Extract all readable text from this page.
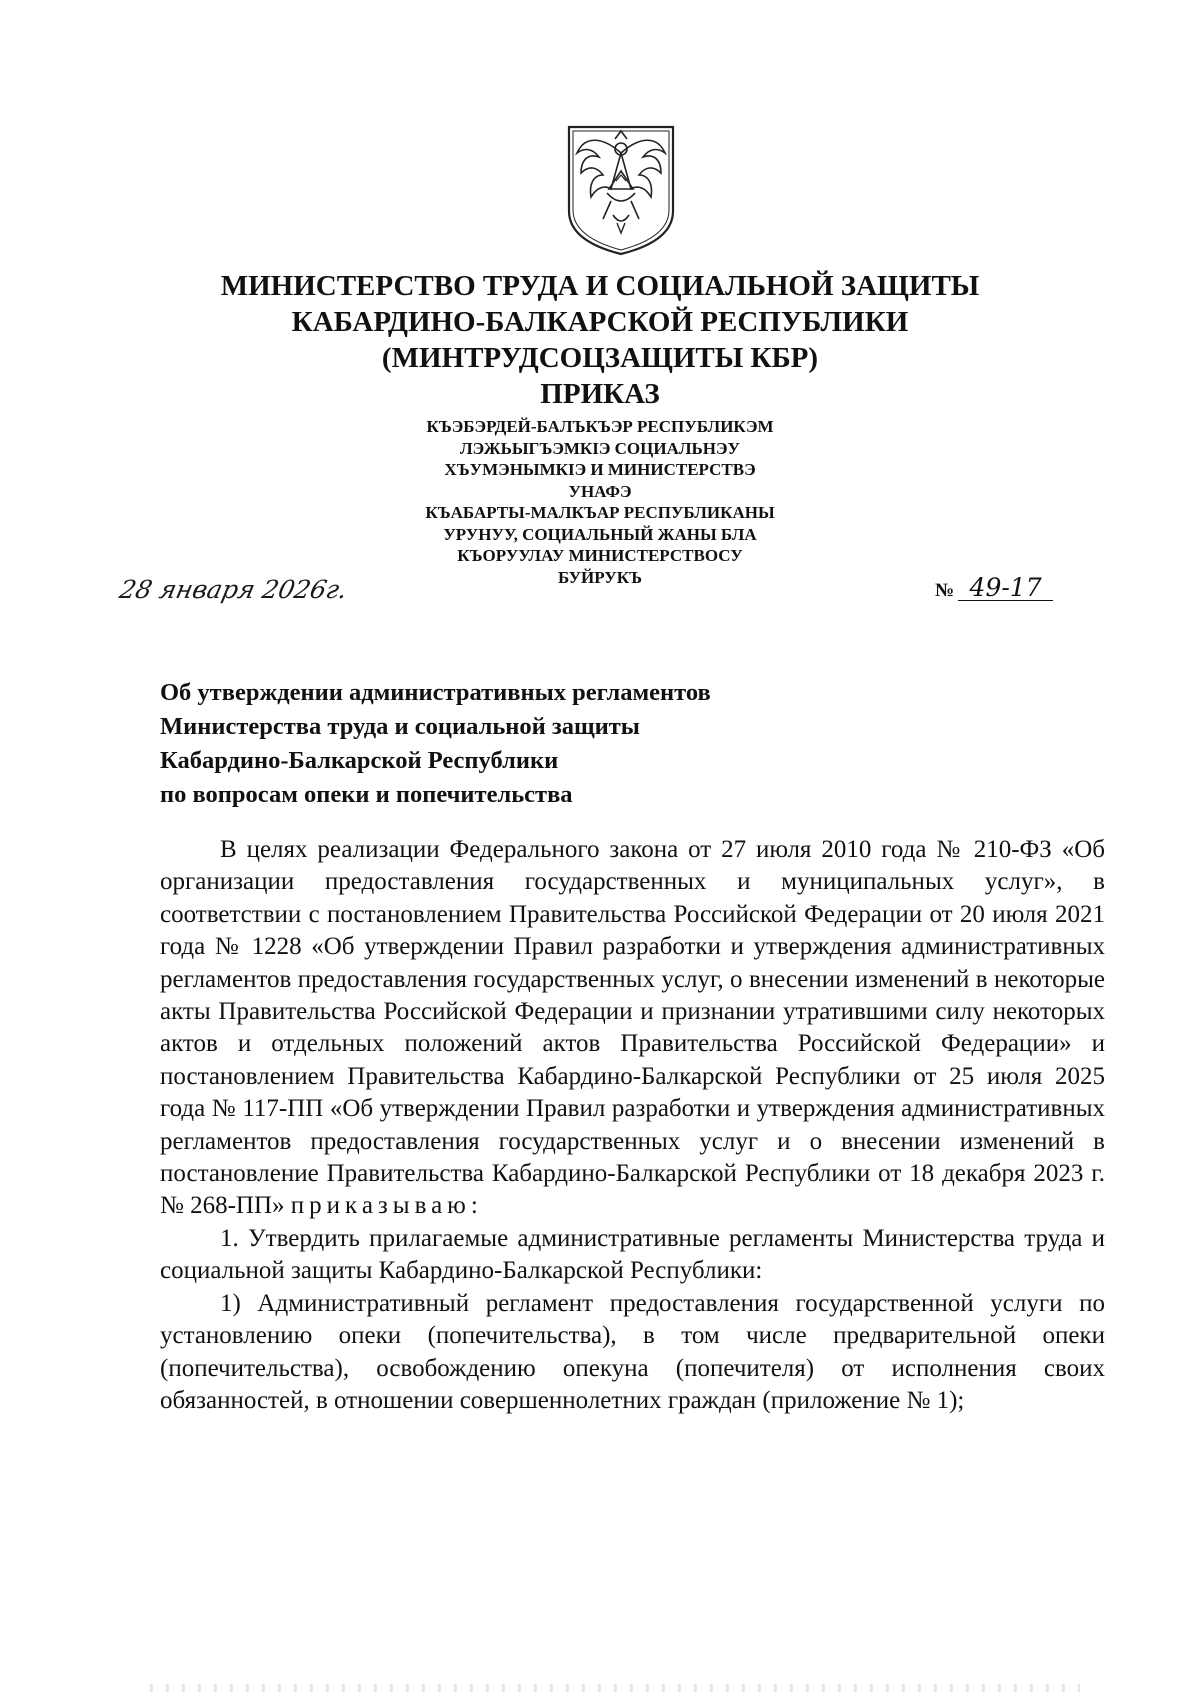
МИНИСТЕРСТВО ТРУДА И СОЦИАЛЬНОЙ ЗАЩИТЫ

КАБАРДИНО-БАЛКАРСКОЙ РЕСПУБЛИКИ

(МИНТРУДСОЦЗАЩИТЫ КБР)

ПРИКАЗ

КЪЭБЭРДЕЙ-БАЛЪКЪЭР РЕСПУБЛИКЭМ

ЛЭЖЬЫГЪЭМКIЭ СОЦИАЛЬНЭУ

ХЪУМЭНЫМКIЭ И МИНИСТЕРСТВЭ

УНАФЭ

КЪАБАРТЫ-МАЛКЪАР РЕСПУБЛИКАНЫ

УРУНУУ, СОЦИАЛЬНЫЙ ЖАНЫ БЛА

КЪОРУУЛАУ МИНИСТЕРСТВОСУ

БУЙРУКЪ

28 января 2026г.	№ 49-17
Об утверждении административных регламентов
Министерства труда и социальной защиты
Кабардино-Балкарской Республики
по вопросам опеки и попечительства

В целях реализации Федерального закона от 27 июля 2010 года № 210-ФЗ «Об организации предоставления государственных и муниципальных услуг», в соответствии с постановлением Правительства Российской Федерации от 20 июля 2021 года № 1228 «Об утверждении Правил разработки и утверждения административных регламентов предоставления государственных услуг, о внесении изменений в некоторые акты Правительства Российской Федерации и признании утратившими силу некоторых актов и отдельных положений актов Правительства Российской Федерации» и постановлением Правительства Кабардино-Балкарской Республики от 25 июля 2025 года № 117-ПП «Об утверждении Правил разработки и утверждения административных регламентов предоставления государственных услуг и о внесении изменений в постановление Правительства Кабардино-Балкарской Республики от 18 декабря 2023 г. № 268-ПП» приказываю:

1. Утвердить прилагаемые административные регламенты Министерства труда и социальной защиты Кабардино-Балкарской Республики:

1) Административный регламент предоставления государственной услуги по установлению опеки (попечительства), в том числе предварительной опеки (попечительства), освобождению опекуна (попечителя) от исполнения своих обязанностей, в отношении совершеннолетних граждан (приложение № 1);
